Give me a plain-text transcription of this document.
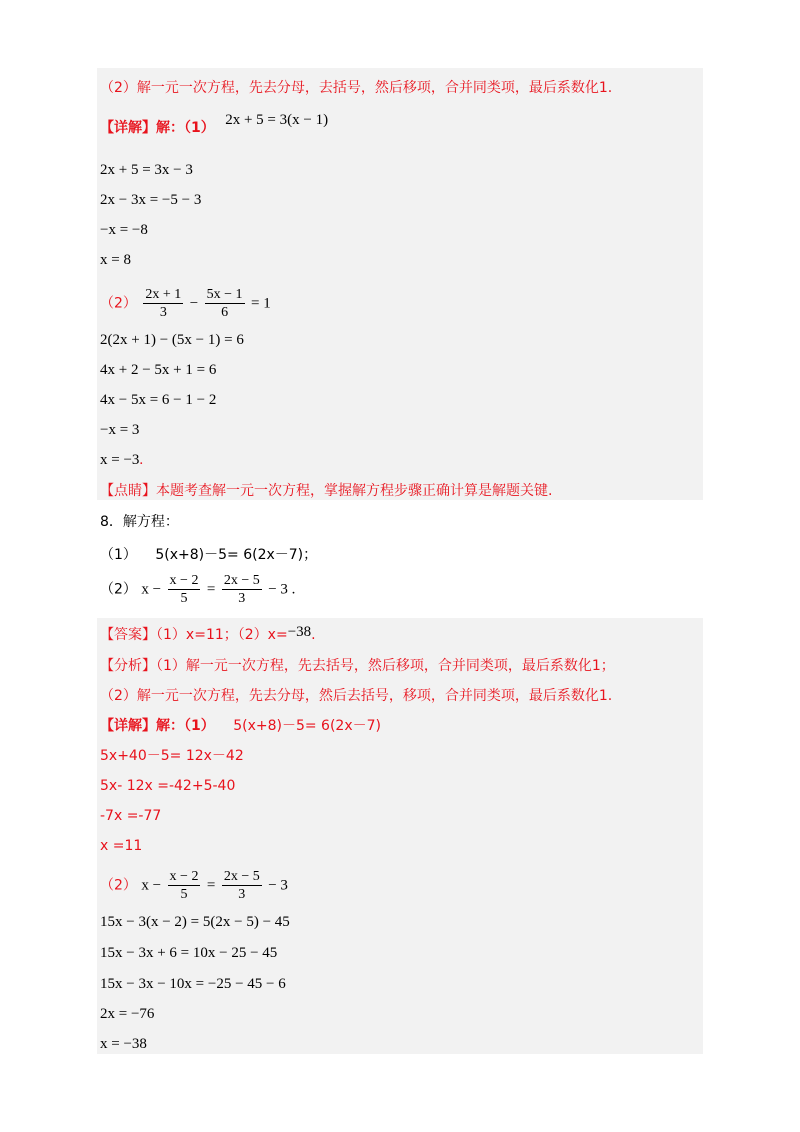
（2）解一元一次方程，先去分母，去括号，然后移项，合并同类项，最后系数化1.
【详解】解：（1） 2x + 5 = 3(x − 1)
2x + 5 = 3x − 3
2x − 3x = −5 − 3
−x = −8
x = 8
$(2) \frac{2x + 1}{3} - \frac{5x - 1}{6} = 1$
2(2x + 1) − (5x − 1) = 6
4x + 2 − 5x + 1 = 6
4x − 5x = 6 − 1 − 2
−x = 3
x = −3.
【点睛】本题考查解一元一次方程，掌握解方程步骤正确计算是解题关键.
8．解方程：
（1） 5(x+8)－5= 6(2x－7)；
（2） $x - \frac{x - 2}{5} = \frac{2x - 5}{3} - 3$ .
【答案】（1）x=11；（2）x=−38.
【分析】（1）解一元一次方程，先去括号，然后移项，合并同类项，最后系数化1；
（2）解一元一次方程，先去分母，然后去括号，移项，合并同类项，最后系数化1.
【详解】解：（1） 5(x+8)－5= 6(2x－7)
5x+40－5= 12x－42
5x- 12x =-42+5-40
-7x =-77
x =11
（2） $x - \frac{x - 2}{5} = \frac{2x - 5}{3} - 3$
15x − 3(x − 2) = 5(2x − 5) − 45
15x − 3x + 6 = 10x − 25 − 45
15x − 3x − 10x = −25 − 45 − 6
2x = −76
x = −38
